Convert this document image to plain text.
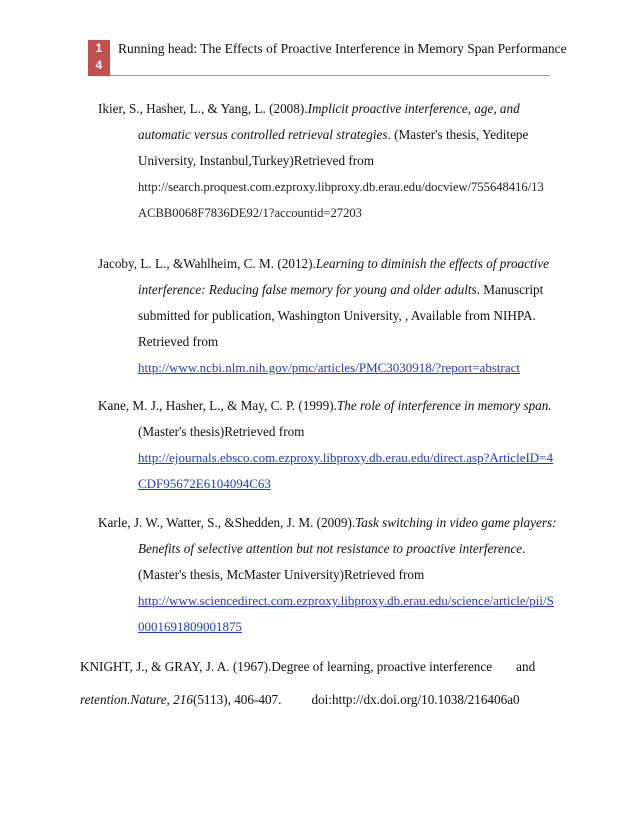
1
4
Running head: The Effects of Proactive Interference in Memory Span Performance
Ikier, S., Hasher, L., & Yang, L. (2008).Implicit proactive interference, age, and
automatic versus controlled retrieval strategies. (Master's thesis, Yeditepe
University, Instanbul,Turkey)Retrieved from
http://search.proquest.com.ezproxy.libproxy.db.erau.edu/docview/755648416/13
ACBB0068F7836DE92/1?accountid=27203
Jacoby, L. L., &Wahlheim, C. M. (2012).Learning to diminish the effects of proactive
interference: Reducing false memory for young and older adults. Manuscript
submitted for publication, Washington University, , Available from NIHPA.
Retrieved from
http://www.ncbi.nlm.nih.gov/pmc/articles/PMC3030918/?report=abstract
Kane, M. J., Hasher, L., & May, C. P. (1999).The role of interference in memory span.
(Master's thesis)Retrieved from
http://ejournals.ebsco.com.ezproxy.libproxy.db.erau.edu/direct.asp?ArticleID=4
CDF95672E6104094C63
Karle, J. W., Watter, S., &Shedden, J. M. (2009).Task switching in video game players:
Benefits of selective attention but not resistance to proactive interference.
(Master's thesis, McMaster University)Retrieved from
http://www.sciencedirect.com.ezproxy.libproxy.db.erau.edu/science/article/pii/S
0001691809001875
KNIGHT, J., & GRAY, J. A. (1967).Degree of learning, proactive interference and
retention.Nature, 216(5113), 406-407. doi:http://dx.doi.org/10.1038/216406a0
